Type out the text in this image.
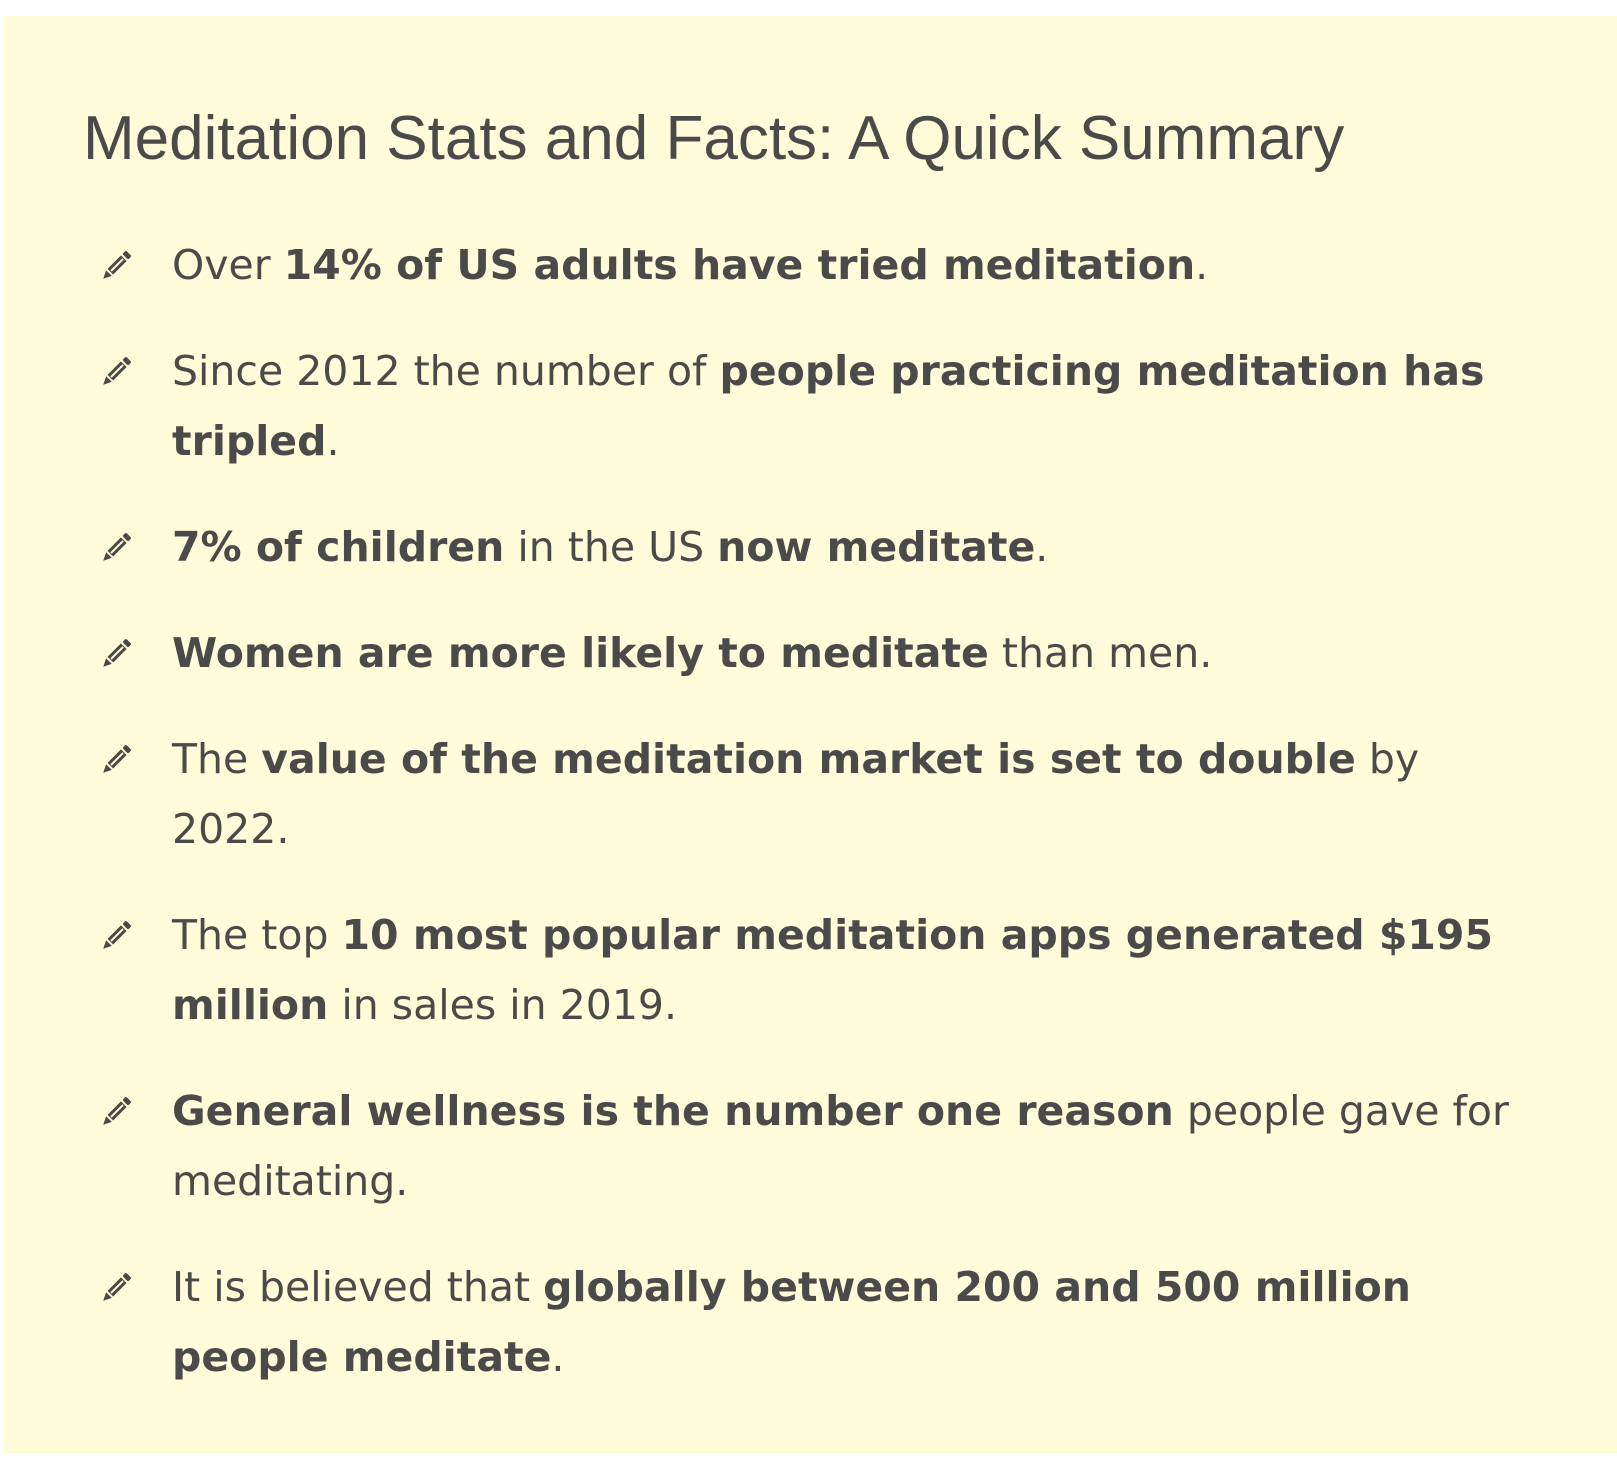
Meditation Stats and Facts: A Quick Summary
Over 14% of US adults have tried meditation.
Since 2012 the number of people practicing meditation has tripled.
7% of children in the US now meditate.
Women are more likely to meditate than men.
The value of the meditation market is set to double by 2022.
The top 10 most popular meditation apps generated $195 million in sales in 2019.
General wellness is the number one reason people gave for meditating.
It is believed that globally between 200 and 500 million people meditate.
